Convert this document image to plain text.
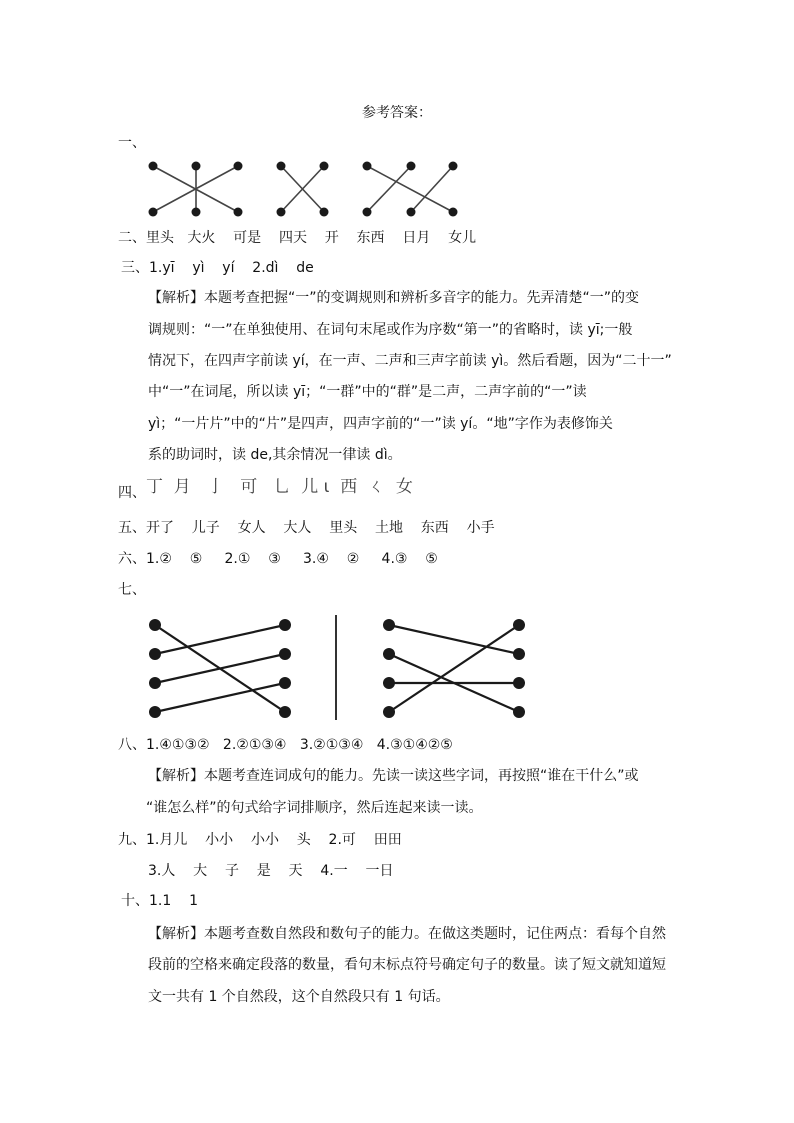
参考答案：
一、
二、里头   大火    可是    四天    开    东西    日月    女儿
三、1.yī    yì    yí    2.dì    de
【解析】本题考查把握“一”的变调规则和辨析多音字的能力。先弄清楚“一”的变
调规则：“一”在单独使用、在词句末尾或作为序数“第一”的省略时，读 yī;一般
情况下，在四声字前读 yí，在一声、二声和三声字前读 yì。然后看题，因为“二十一”
中“一”在词尾，所以读 yī；“一群”中的“群”是二声，二声字前的“一”读
yì；“一片片”中的“片”是四声，四声字前的“一”读 yí。“地”字作为表修饰关
系的助词时，读 de,其余情况一律读 dì。
四、 丁  月   亅   可   乚  儿 ι  西  ㄑ  女
五、开了    儿子    女人    大人    里头    土地    东西    小手
六、1.②    ⑤     2.①    ③     3.④    ②     4.③    ⑤
七、
八、1.④①③②   2.②①③④   3.②①③④   4.③①④②⑤
【解析】本题考查连词成句的能力。先读一读这些字词，再按照“谁在干什么”或
“谁怎么样”的句式给字词排顺序，然后连起来读一读。
九、1.月儿    小小    小小    头    2.可    田田
3.人    大    子    是    天    4.一    一日
十、1.1    1
【解析】本题考查数自然段和数句子的能力。在做这类题时，记住两点：看每个自然
段前的空格来确定段落的数量，看句末标点符号确定句子的数量。读了短文就知道短
文一共有 1 个自然段，这个自然段只有 1 句话。
